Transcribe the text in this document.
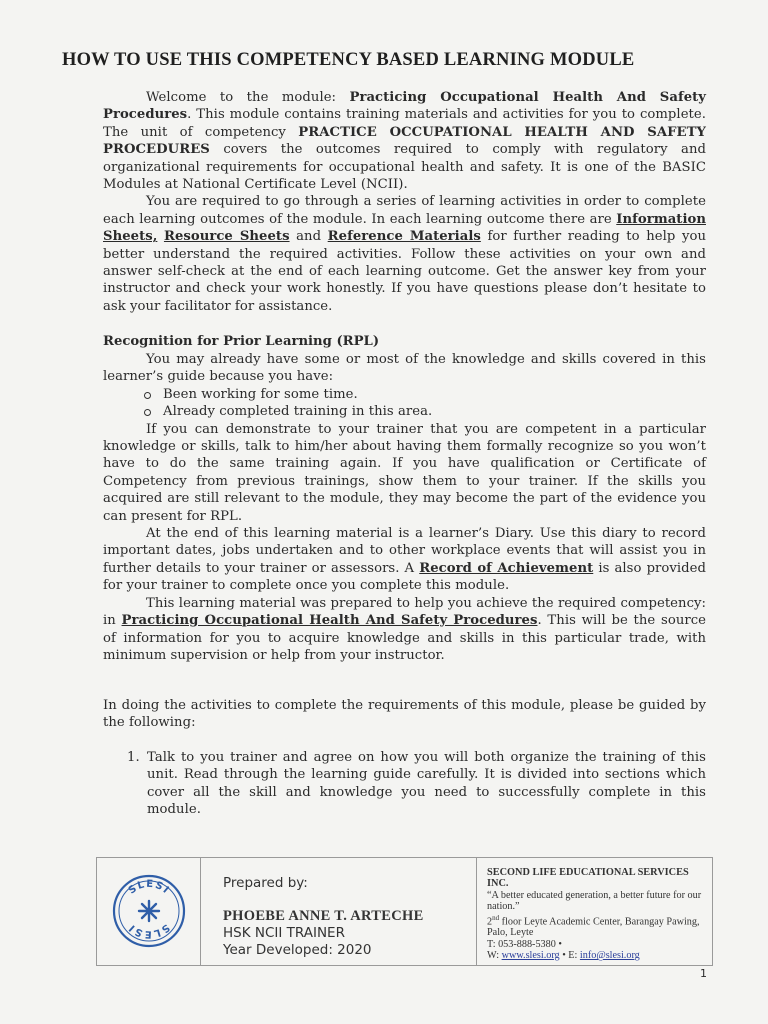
HOW TO USE THIS COMPETENCY BASED LEARNING MODULE

Welcome to the module: Practicing Occupational Health And Safety Procedures. This module contains training materials and activities for you to complete. The unit of competency PRACTICE OCCUPATIONAL HEALTH AND SAFETY PROCEDURES covers the outcomes required to comply with regulatory and organizational requirements for occupational health and safety. It is one of the BASIC Modules at National Certificate Level (NCII).

You are required to go through a series of learning activities in order to complete each learning outcomes of the module. In each learning outcome there are Information Sheets, Resource Sheets and Reference Materials for further reading to help you better understand the required activities. Follow these activities on your own and answer self-check at the end of each learning outcome. Get the answer key from your instructor and check your work honestly. If you have questions please don’t hesitate to ask your facilitator for assistance.

Recognition for Prior Learning (RPL)

You may already have some or most of the knowledge and skills covered in this learner’s guide because you have:

Been working for some time.
Already completed training in this area.

If you can demonstrate to your trainer that you are competent in a particular knowledge or skills, talk to him/her about having them formally recognize so you won’t have to do the same training again. If you have qualification or Certificate of Competency from previous trainings, show them to your trainer. If the skills you acquired are still relevant to the module, they may become the part of the evidence you can present for RPL.

At the end of this learning material is a learner’s Diary. Use this diary to record important dates, jobs undertaken and to other workplace events that will assist you in further details to your trainer or assessors. A Record of Achievement is also provided for your trainer to complete once you complete this module.

This learning material was prepared to help you achieve the required competency: in Practicing Occupational Health And Safety Procedures. This will be the source of information for you to acquire knowledge and skills in this particular trade, with minimum supervision or help from your instructor.

In doing the activities to complete the requirements of this module, please be guided by the following:

1. Talk to you trainer and agree on how you will both organize the training of this unit. Read through the learning guide carefully. It is divided into sections which cover all the skill and knowledge you need to successfully complete in this module.
SLESI
SLESI
Prepared by:
PHOEBE ANNE T. ARTECHE
HSK NCII TRAINER
Year Developed: 2020
SECOND LIFE EDUCATIONAL SERVICES INC.
“A better educated generation, a better future for our nation.”
2nd floor Leyte Academic Center, Barangay Pawing, Palo, Leyte
T: 053-888-5380 •
W: www.slesi.org • E: info@slesi.org
1
